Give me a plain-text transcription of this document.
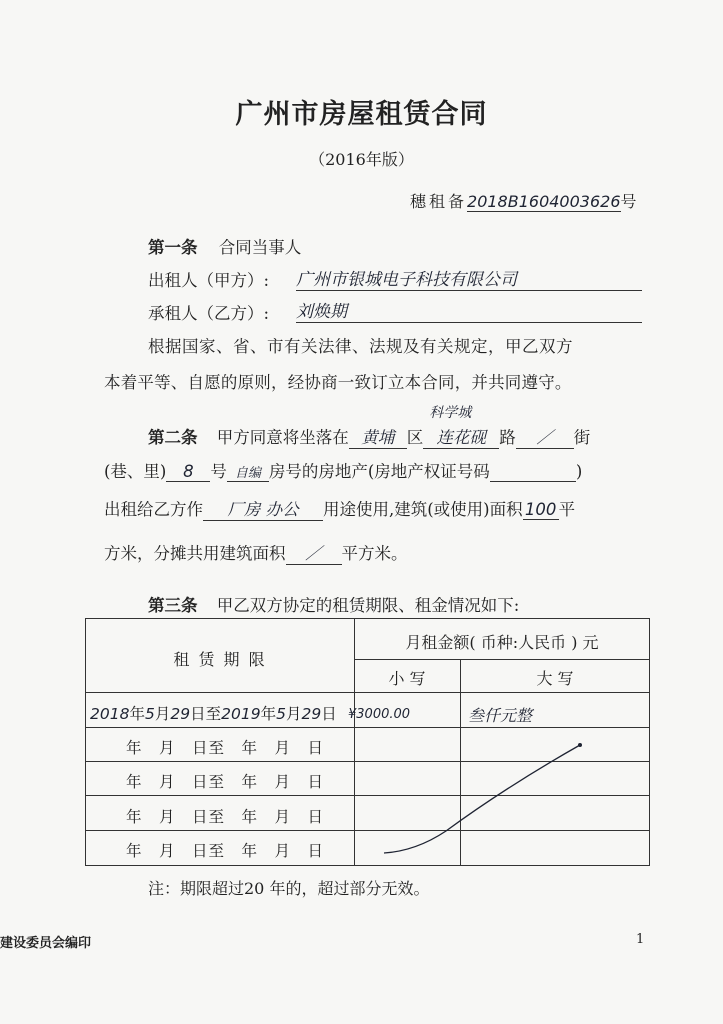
广州市房屋租赁合同
（2016年版）
穗租备2018B1604003626号
第一条 合同当事人
出租人（甲方）: 广州市银城电子科技有限公司
承租人（乙方）: 刘焕期
根据国家、省、市有关法律、法规及有关规定，甲乙双方
本着平等、自愿的原则，经协商一致订立本合同，并共同遵守。
第二条 甲方同意将坐落在 黄埔 区 连花砚
科学城
路 ／ 街
(巷、里) 8 号 自编 房号的房地产(房地产权证号码	)
出租给乙方作 厂房 办公 用途使用,建筑(或使用)面积 100 平
方米，分摊共用建筑面积 ／ 平方米。
第三条 甲乙双方协定的租赁期限、租金情况如下:
租 赁 期 限
月租金额( 币种:人民币 ) 元
小 写	大 写
2018年5月29日至2019年5月29日 ¥3000.00	叁仟元整
年　月　日至　年　月　日
年　月　日至　年　月　日
年　月　日至　年　月　日
年　月　日至　年　月　日
注：期限超过20 年的，超过部分无效。
建设委员会编印	1
